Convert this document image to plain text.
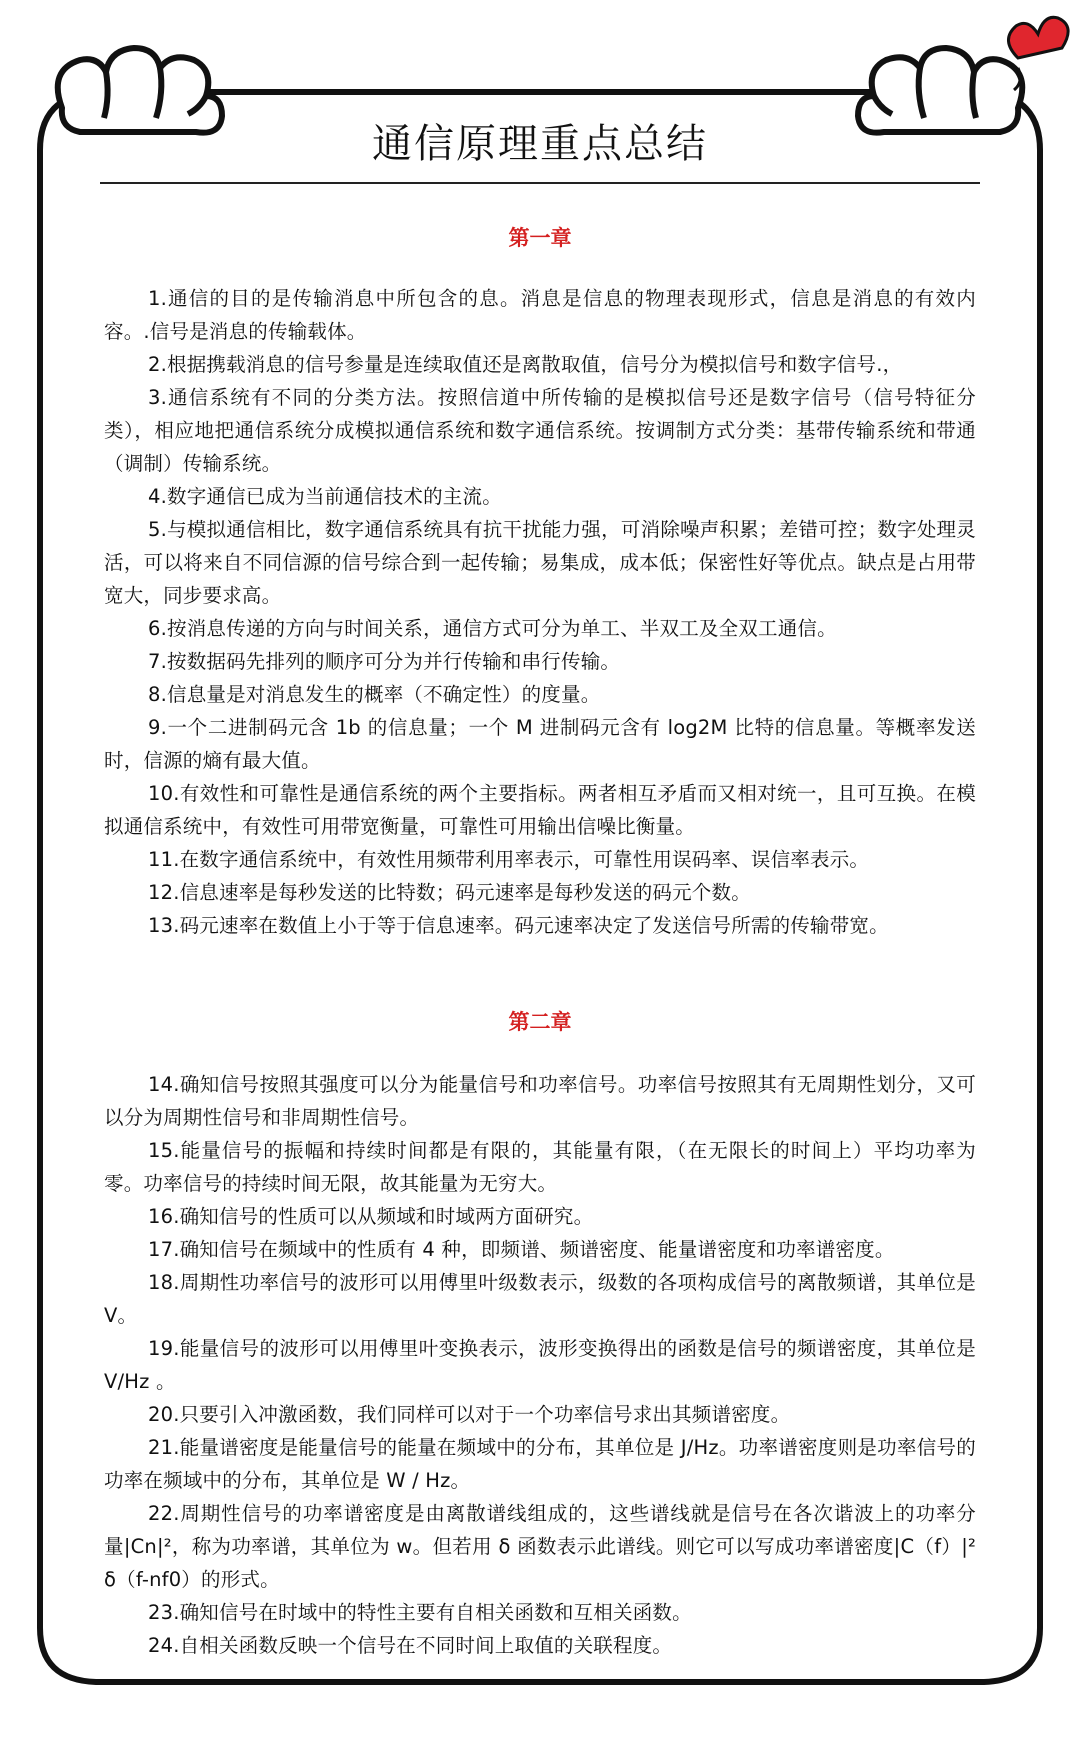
通信原理重点总结
第一章

1.通信的目的是传输消息中所包含的息。消息是信息的物理表现形式，信息是消息的有效内容。.信号是消息的传输载体。

2.根据携载消息的信号参量是连续取值还是离散取值，信号分为模拟信号和数字信号.，

3.通信系统有不同的分类方法。按照信道中所传输的是模拟信号还是数字信号（信号特征分类），相应地把通信系统分成模拟通信系统和数字通信系统。按调制方式分类：基带传输系统和带通（调制）传输系统。

4.数字通信已成为当前通信技术的主流。

5.与模拟通信相比，数字通信系统具有抗干扰能力强，可消除噪声积累；差错可控；数字处理灵活，可以将来自不同信源的信号综合到一起传输；易集成，成本低；保密性好等优点。缺点是占用带宽大，同步要求高。

6.按消息传递的方向与时间关系，通信方式可分为单工、半双工及全双工通信。

7.按数据码先排列的顺序可分为并行传输和串行传输。

8.信息量是对消息发生的概率（不确定性）的度量。

9.一个二进制码元含 1b 的信息量；一个 M 进制码元含有 log2M 比特的信息量。等概率发送时，信源的熵有最大值。

10.有效性和可靠性是通信系统的两个主要指标。两者相互矛盾而又相对统一，且可互换。在模拟通信系统中，有效性可用带宽衡量，可靠性可用输出信噪比衡量。

11.在数字通信系统中，有效性用频带利用率表示，可靠性用误码率、误信率表示。

12.信息速率是每秒发送的比特数；码元速率是每秒发送的码元个数。

13.码元速率在数值上小于等于信息速率。码元速率决定了发送信号所需的传输带宽。

第二章

14.确知信号按照其强度可以分为能量信号和功率信号。功率信号按照其有无周期性划分，又可以分为周期性信号和非周期性信号。

15.能量信号的振幅和持续时间都是有限的，其能量有限，（在无限长的时间上）平均功率为零。功率信号的持续时间无限，故其能量为无穷大。

16.确知信号的性质可以从频域和时域两方面研究。

17.确知信号在频域中的性质有 4 种，即频谱、频谱密度、能量谱密度和功率谱密度。

18.周期性功率信号的波形可以用傅里叶级数表示，级数的各项构成信号的离散频谱，其单位是 V。

19.能量信号的波形可以用傅里叶变换表示，波形变换得出的函数是信号的频谱密度，其单位是 V/Hz 。

20.只要引入冲激函数，我们同样可以对于一个功率信号求出其频谱密度。

21.能量谱密度是能量信号的能量在频域中的分布，其单位是 J/Hz。功率谱密度则是功率信号的功率在频域中的分布，其单位是 W / Hz。

22.周期性信号的功率谱密度是由离散谱线组成的，这些谱线就是信号在各次谐波上的功率分量|Cn|²，称为功率谱，其单位为 w。但若用 δ 函数表示此谱线。则它可以写成功率谱密度|C（f）|² δ（f-nf0）的形式。

23.确知信号在时域中的特性主要有自相关函数和互相关函数。

24.自相关函数反映一个信号在不同时间上取值的关联程度。
